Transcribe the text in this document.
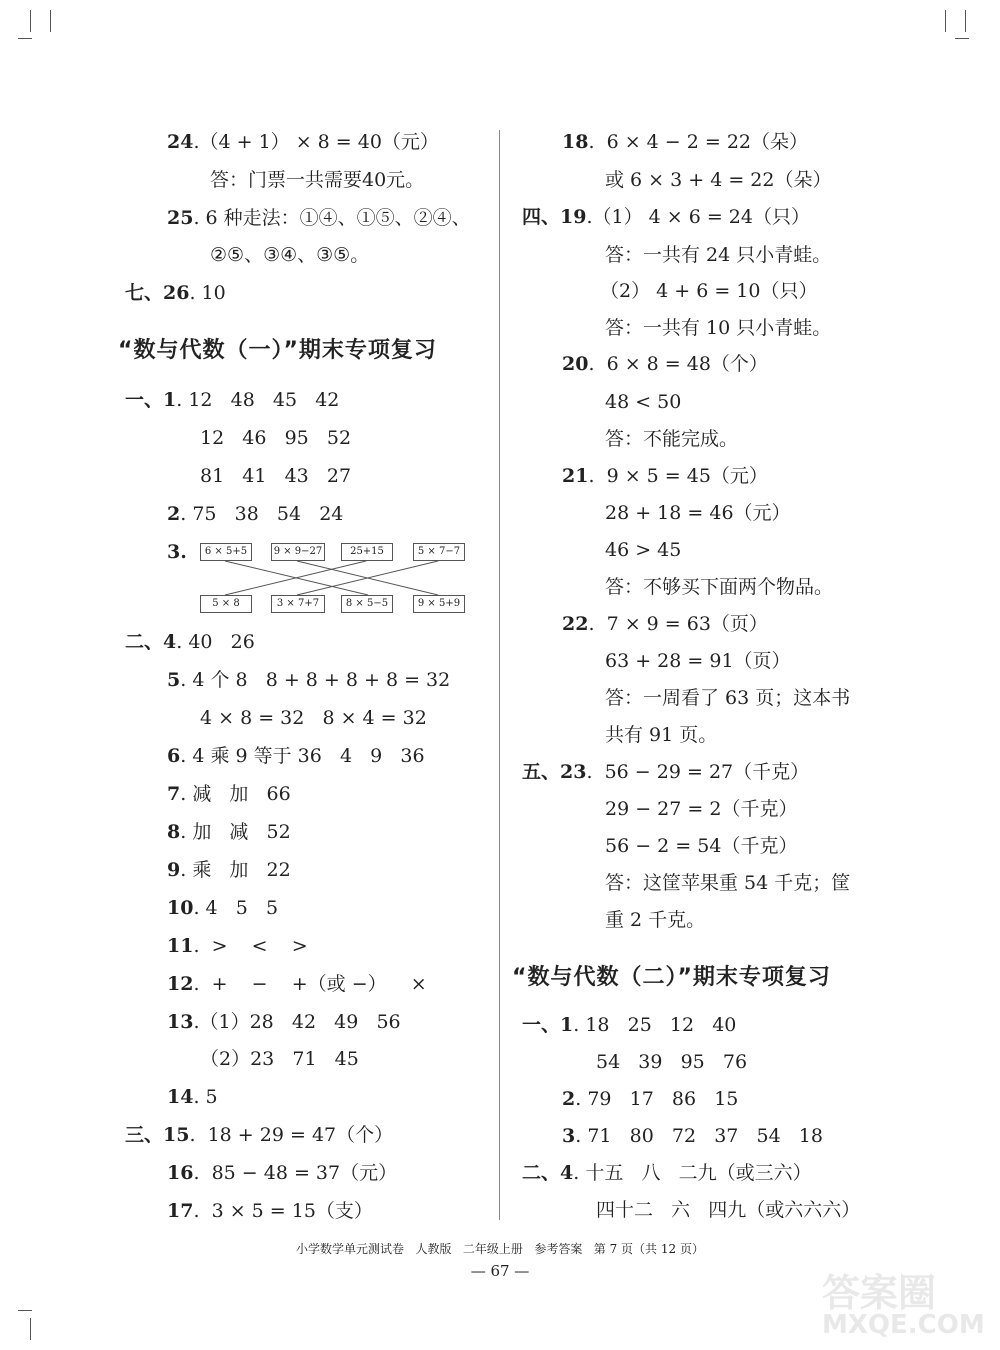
24.（4 + 1） × 8 = 40（元）
答：门票一共需要40元。
25. 6 种走法：①④、①⑤、②④、
②⑤、③④、③⑤。
七、26. 10
“数与代数（一）”期末专项复习
一、1. 12   48   45   42
12   46   95   52
81   41   43   27
2. 75   38   54   24
3.	6 × 5+5	9 × 9−27	25+15	5 × 7−7
5 × 8	3 × 7+7	8 × 5−5	9 × 5+9
二、4. 40   26
5. 4 个 8   8 + 8 + 8 + 8 = 32
4 × 8 = 32   8 × 4 = 32
6. 4 乘 9 等于 36   4   9   36
7. 减   加   66
8. 加   减   52
9. 乘   加   22
10. 4   5   5
11.  >    <    >
12.  +    −    +（或 −）    ×
13.（1）28   42   49   56
（2）23   71   45
14. 5
三、15.  18 + 29 = 47（个）
16.  85 − 48 = 37（元）
17.  3 × 5 = 15（支）
18.  6 × 4 − 2 = 22（朵）
或 6 × 3 + 4 = 22（朵）
四、19.（1） 4 × 6 = 24（只）
答：一共有 24 只小青蛙。
（2） 4 + 6 = 10（只）
答：一共有 10 只小青蛙。
20.  6 × 8 = 48（个）
48 < 50
答：不能完成。
21.  9 × 5 = 45（元）
28 + 18 = 46（元）
46 > 45
答：不够买下面两个物品。
22.  7 × 9 = 63（页）
63 + 28 = 91（页）
答：一周看了 63 页；这本书
共有 91 页。
五、23.  56 − 29 = 27（千克）
29 − 27 = 2（千克）
56 − 2 = 54（千克）
答：这筐苹果重 54 千克；筐
重 2 千克。
“数与代数（二）”期末专项复习
一、1. 18   25   12   40
54   39   95   76
2. 79   17   86   15
3. 71   80   72   37   54   18
二、4. 十五   八   二九（或三六）
四十二   六   四九（或六六六）
小学数学单元测试卷   人教版   二年级上册   参考答案   第 7 页（共 12 页）
— 67 —	答案圈
MXQE.COM
